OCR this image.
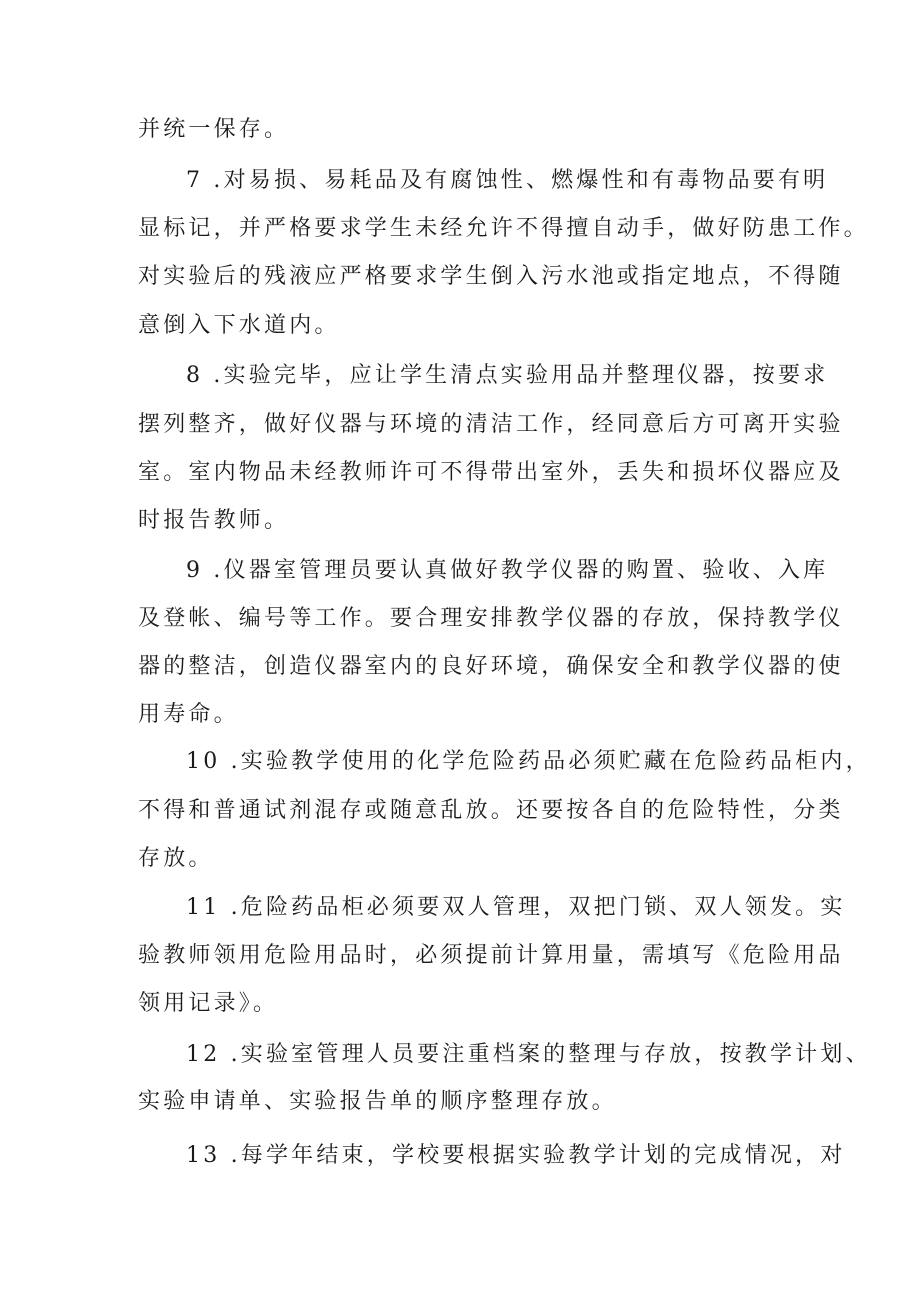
并统一保存。
7 .对易损、易耗品及有腐蚀性、燃爆性和有毒物品要有明
显标记，并严格要求学生未经允许不得擅自动手，做好防患工作。
对实验后的残液应严格要求学生倒入污水池或指定地点，不得随
意倒入下水道内。
8 .实验完毕，应让学生清点实验用品并整理仪器，按要求
摆列整齐，做好仪器与环境的清洁工作，经同意后方可离开实验
室。室内物品未经教师许可不得带出室外，丢失和损坏仪器应及
时报告教师。
9 .仪器室管理员要认真做好教学仪器的购置、验收、入库
及登帐、编号等工作。要合理安排教学仪器的存放，保持教学仪
器的整洁，创造仪器室内的良好环境，确保安全和教学仪器的使
用寿命。
10 .实验教学使用的化学危险药品必须贮藏在危险药品柜内，
不得和普通试剂混存或随意乱放。还要按各自的危险特性，分类
存放。
11 .危险药品柜必须要双人管理，双把门锁、双人领发。实
验教师领用危险用品时，必须提前计算用量，需填写《危险用品
领用记录》。
12 .实验室管理人员要注重档案的整理与存放，按教学计划、
实验申请单、实验报告单的顺序整理存放。
13 .每学年结束，学校要根据实验教学计划的完成情况，对
